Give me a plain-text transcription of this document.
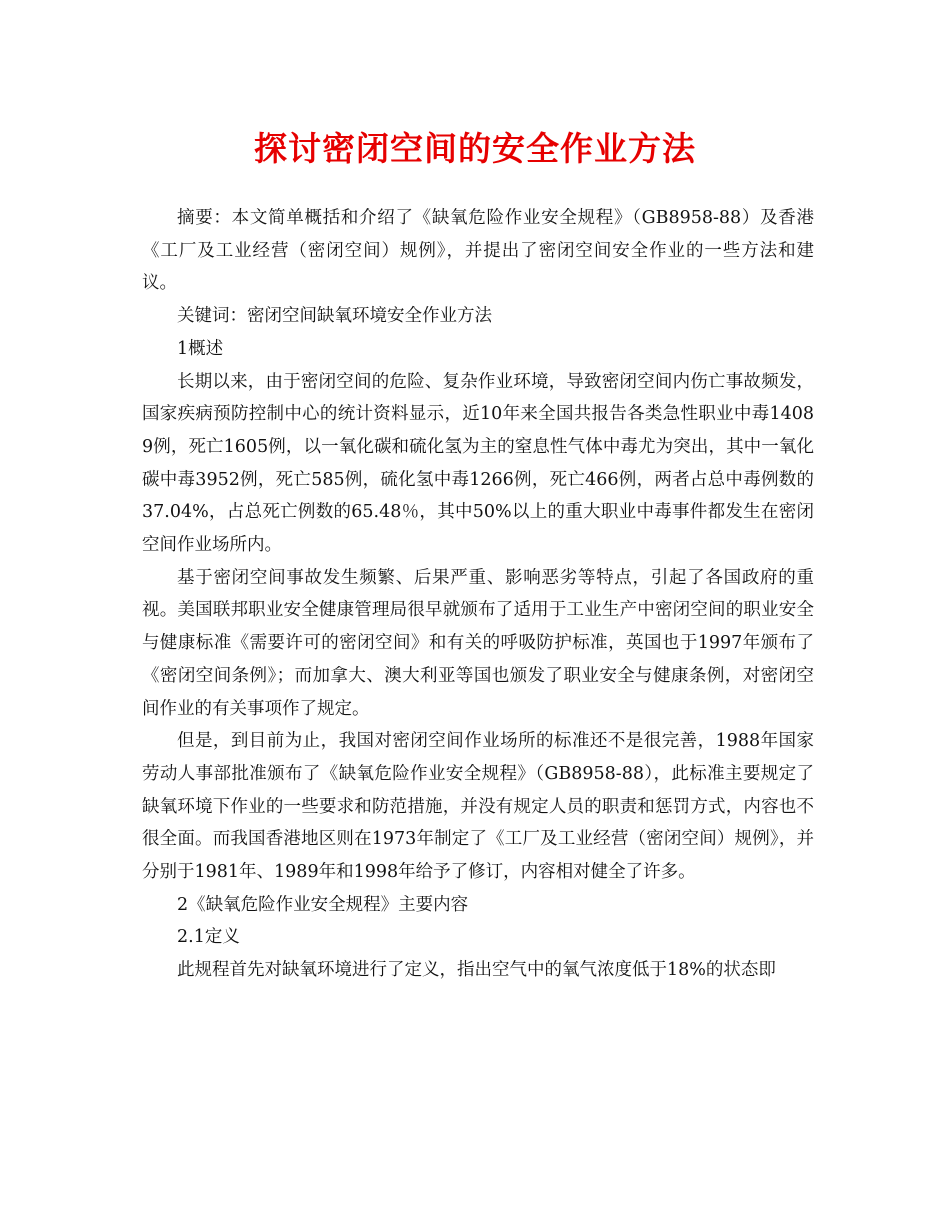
探讨密闭空间的安全作业方法

摘要：本文简单概括和介绍了《缺氧危险作业安全规程》（GB8958-88）及香港《工厂及工业经营（密闭空间）规例》，并提出了密闭空间安全作业的一些方法和建议。

关键词：密闭空间缺氧环境安全作业方法

1概述

长期以来，由于密闭空间的危险、复杂作业环境，导致密闭空间内伤亡事故频发，国家疾病预防控制中心的统计资料显示，近10年来全国共报告各类急性职业中毒14089例，死亡1605例，以一氧化碳和硫化氢为主的窒息性气体中毒尤为突出，其中一氧化碳中毒3952例，死亡585例，硫化氢中毒1266例，死亡466例，两者占总中毒例数的37.04%，占总死亡例数的65.48％，其中50%以上的重大职业中毒事件都发生在密闭空间作业场所内。

基于密闭空间事故发生频繁、后果严重、影响恶劣等特点，引起了各国政府的重视。美国联邦职业安全健康管理局很早就颁布了适用于工业生产中密闭空间的职业安全与健康标准《需要许可的密闭空间》和有关的呼吸防护标准，英国也于1997年颁布了《密闭空间条例》；而加拿大、澳大利亚等国也颁发了职业安全与健康条例，对密闭空间作业的有关事项作了规定。

但是，到目前为止，我国对密闭空间作业场所的标准还不是很完善，1988年国家劳动人事部批准颁布了《缺氧危险作业安全规程》（GB8958-88），此标准主要规定了缺氧环境下作业的一些要求和防范措施，并没有规定人员的职责和惩罚方式，内容也不很全面。而我国香港地区则在1973年制定了《工厂及工业经营（密闭空间）规例》，并分别于1981年、1989年和1998年给予了修订，内容相对健全了许多。

2《缺氧危险作业安全规程》主要内容

2.1定义

此规程首先对缺氧环境进行了定义，指出空气中的氧气浓度低于18%的状态即
